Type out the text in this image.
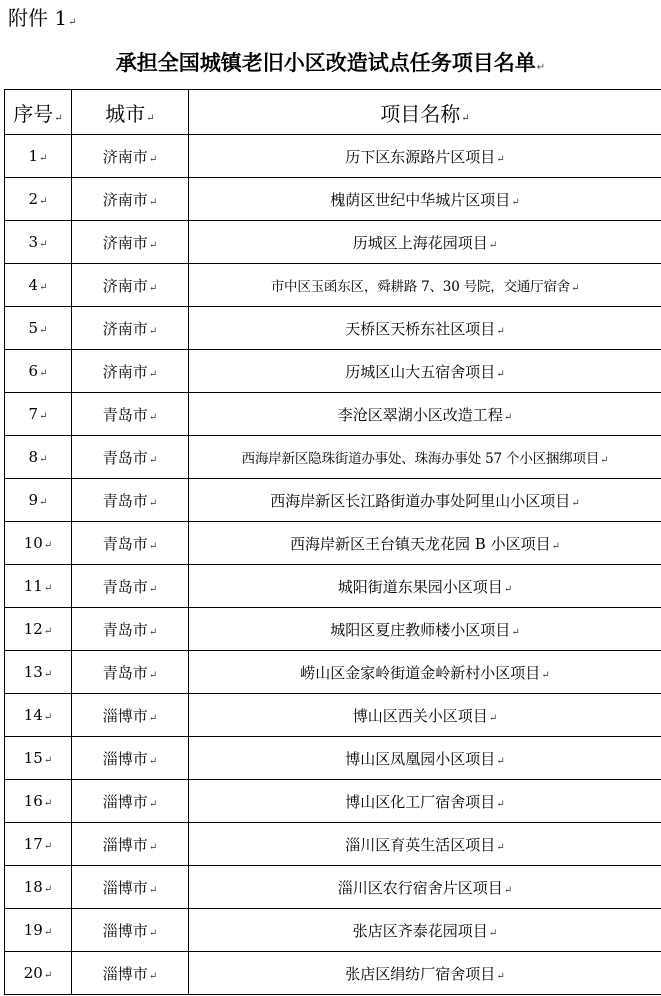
附件 1↵
承担全国城镇老旧小区改造试点任务项目名单↵
序号↵	城市↵	项目名称↵
1↵	济南市↵	历下区东源路片区项目↵
2↵	济南市↵	槐荫区世纪中华城片区项目↵
3↵	济南市↵	历城区上海花园项目↵
4↵	济南市↵	市中区玉函东区，舜耕路 7、30 号院，交通厅宿舍↵
5↵	济南市↵	天桥区天桥东社区项目↵
6↵	济南市↵	历城区山大五宿舍项目↵
7↵	青岛市↵	李沧区翠湖小区改造工程↵
8↵	青岛市↵	西海岸新区隐珠街道办事处、珠海办事处 57 个小区捆绑项目↵
9↵	青岛市↵	西海岸新区长江路街道办事处阿里山小区项目↵
10↵	青岛市↵	西海岸新区王台镇天龙花园 B 小区项目↵
11↵	青岛市↵	城阳街道东果园小区项目↵
12↵	青岛市↵	城阳区夏庄教师楼小区项目↵
13↵	青岛市↵	崂山区金家岭街道金岭新村小区项目↵
14↵	淄博市↵	博山区西关小区项目↵
15↵	淄博市↵	博山区凤凰园小区项目↵
16↵	淄博市↵	博山区化工厂宿舍项目↵
17↵	淄博市↵	淄川区育英生活区项目↵
18↵	淄博市↵	淄川区农行宿舍片区项目↵
19↵	淄博市↵	张店区齐泰花园项目↵
20↵	淄博市↵	张店区绢纺厂宿舍项目↵
